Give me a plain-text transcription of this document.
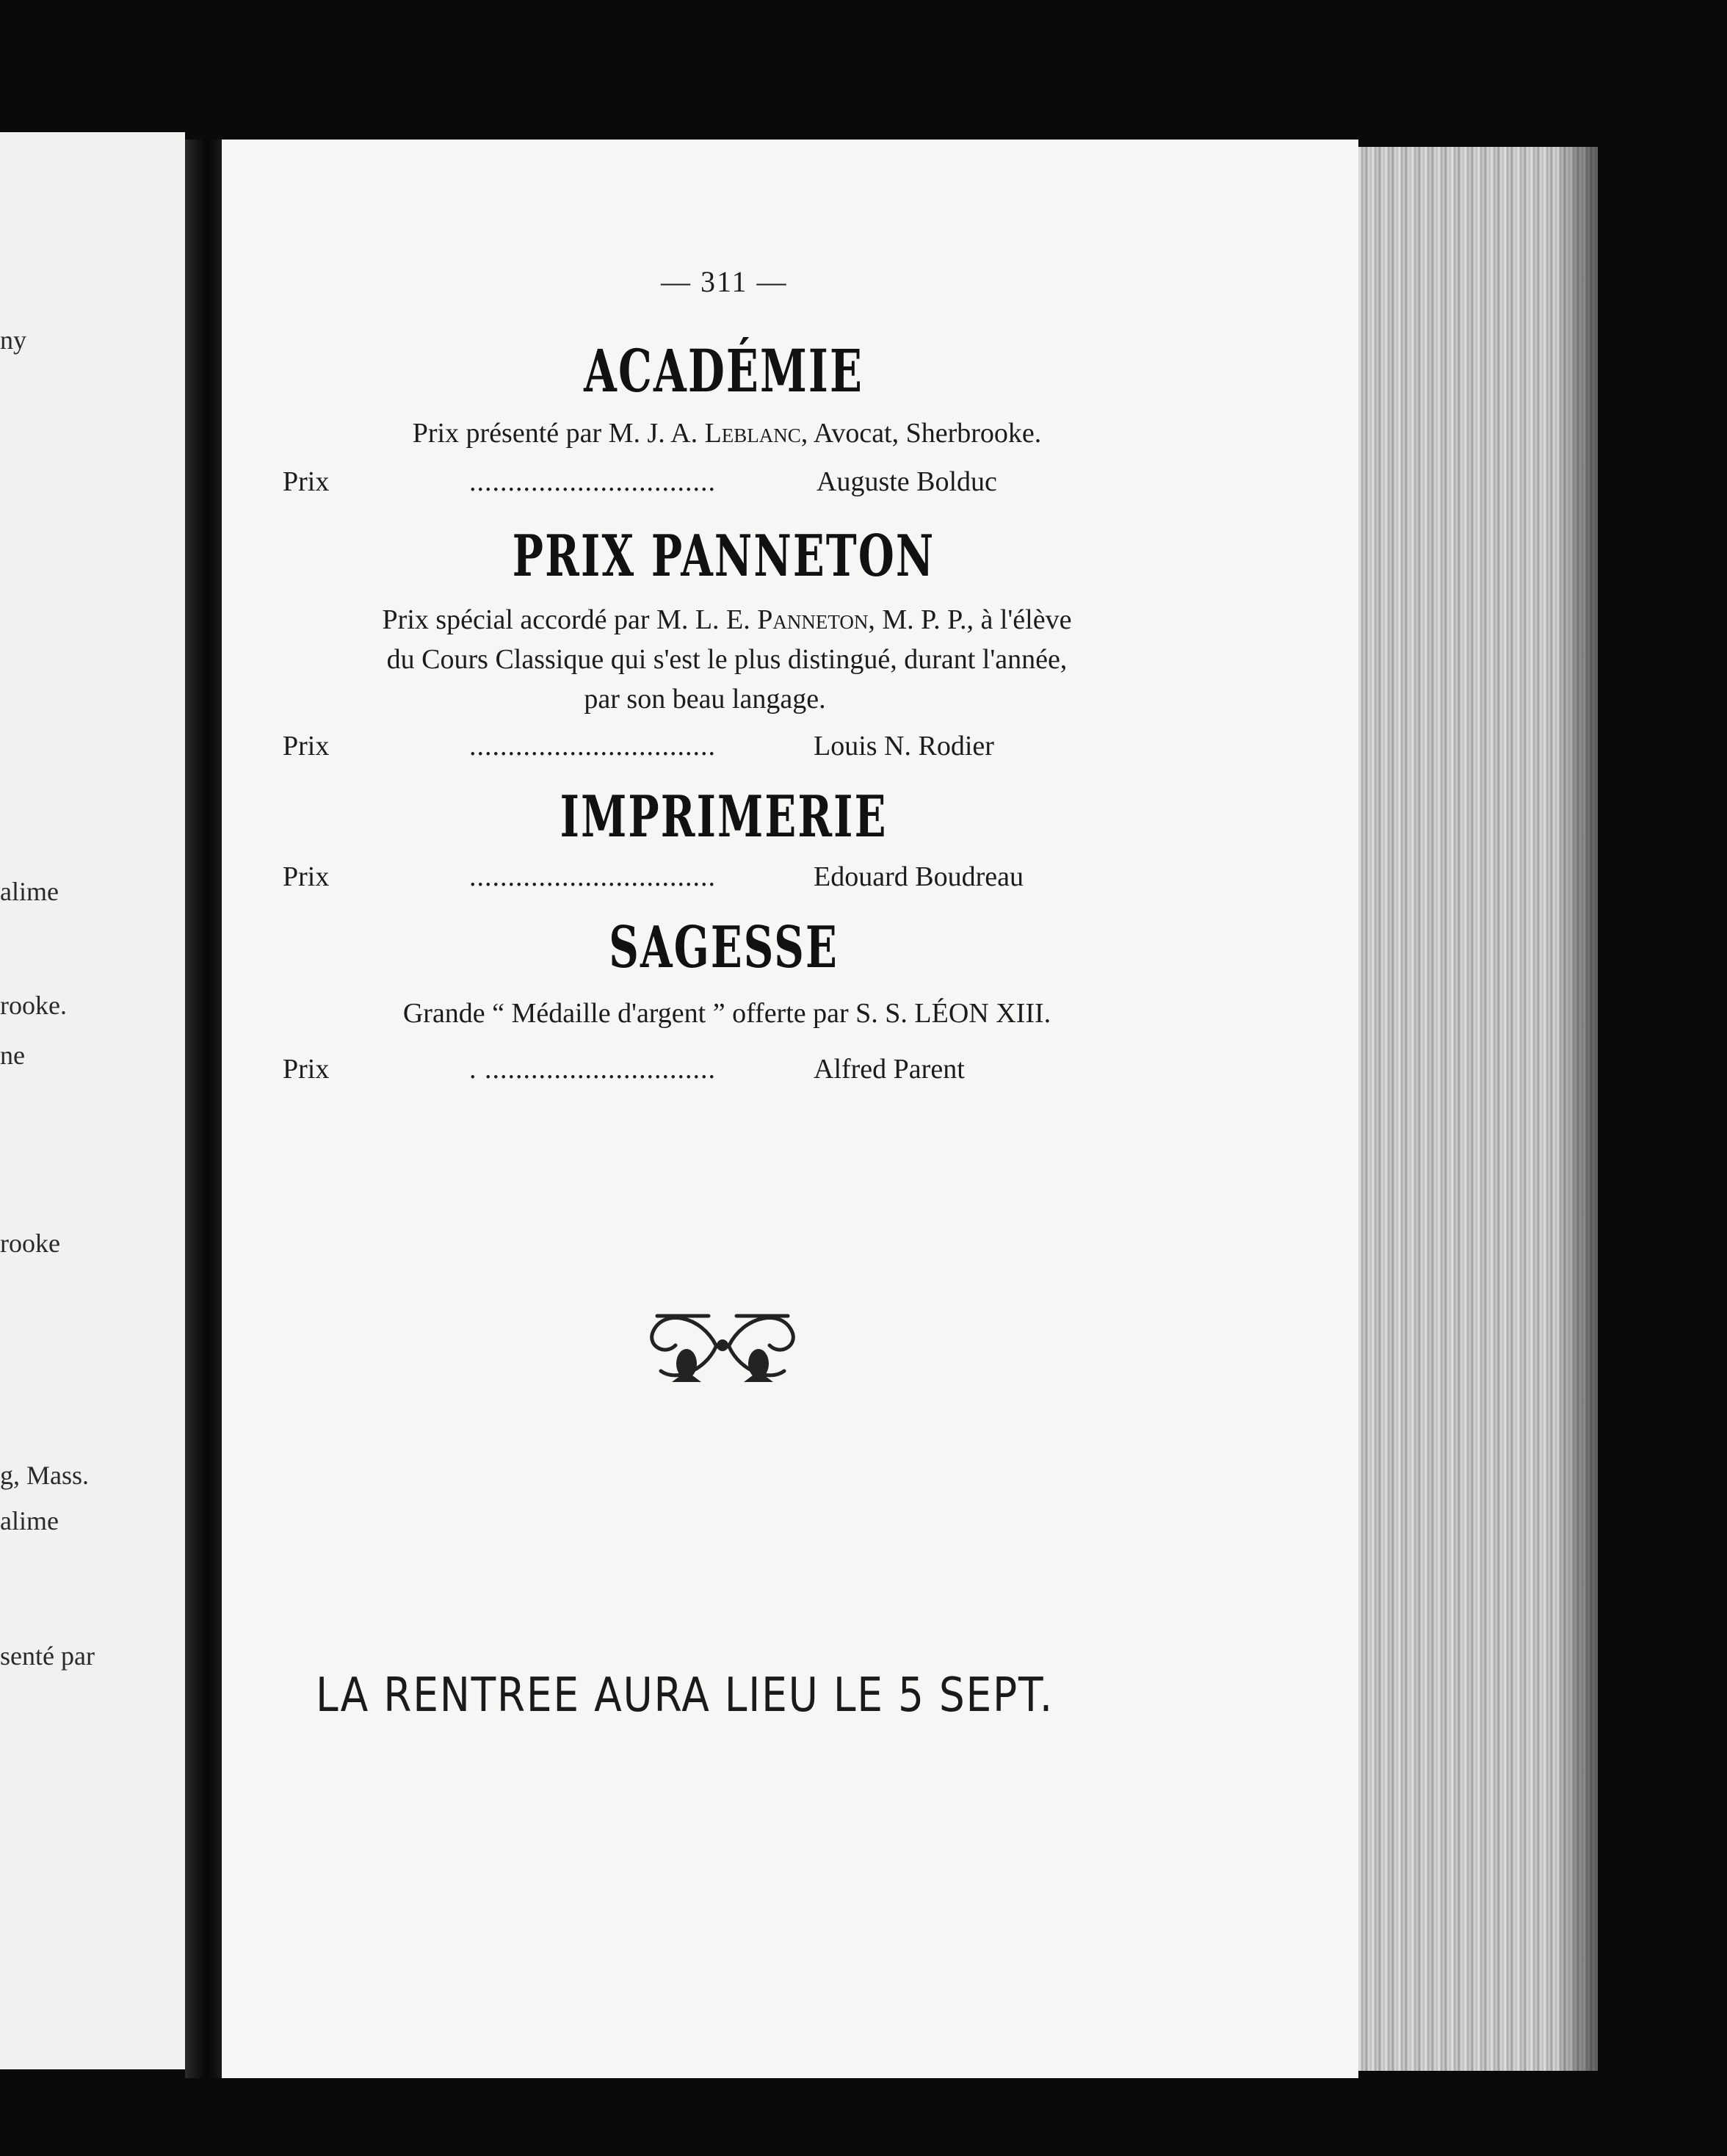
ny
alime
rooke.
ne
rooke
g, Mass.
alime
senté par
— 311 —
ACADÉMIE
Prix présenté par M. J. A. Leblanc, Avocat, Sherbrooke.
Prix	................................	Auguste Bolduc
PRIX PANNETON
Prix spécial accordé par M. L. E. Panneton, M. P. P., à l'élève
du Cours Classique qui s'est le plus distingué, durant l'année,
par son beau langage.
Prix	................................	Louis N. Rodier
IMPRIMERIE
Prix	................................	Edouard Boudreau
SAGESSE
Grande “ Médaille d'argent ” offerte par S. S. LÉON XIII.
Prix	. ..............................	Alfred Parent
LA RENTREE AURA LIEU LE 5 SEPT.
